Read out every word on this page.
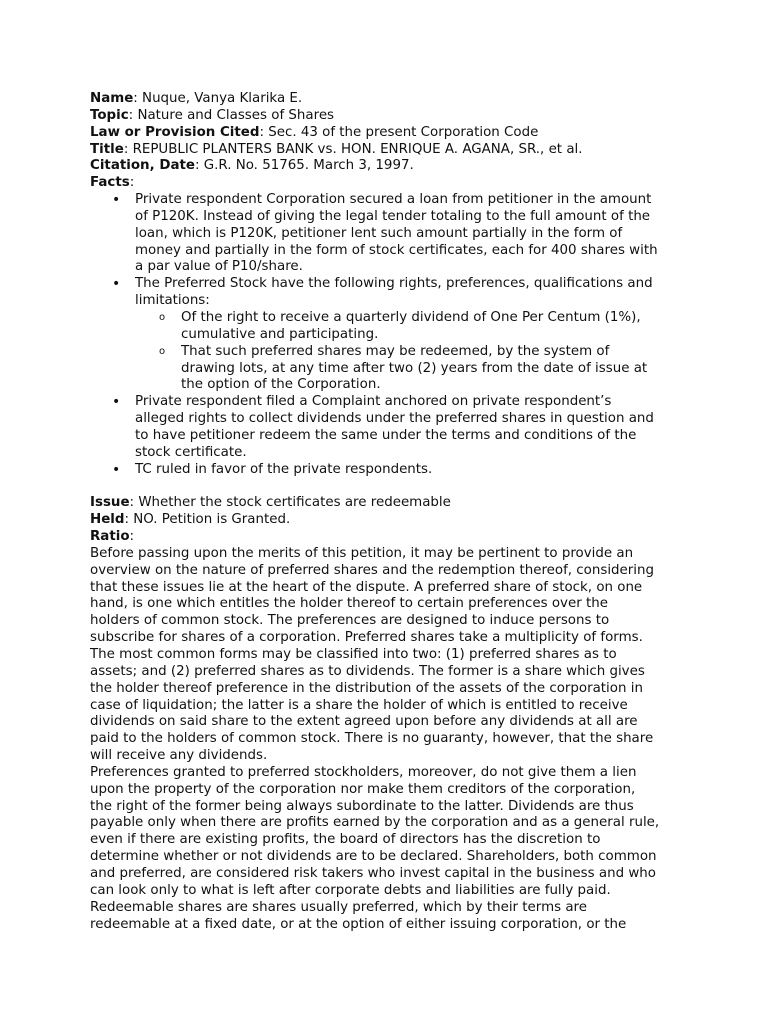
Name: Nuque, Vanya Klarika E.
Topic: Nature and Classes of Shares
Law or Provision Cited: Sec. 43 of the present Corporation Code
Title: REPUBLIC PLANTERS BANK vs. HON. ENRIQUE A. AGANA, SR., et al.
Citation, Date: G.R. No. 51765. March 3, 1997.
Facts:
• Private respondent Corporation secured a loan from petitioner in the amount
of P120K. Instead of giving the legal tender totaling to the full amount of the
loan, which is P120K, petitioner lent such amount partially in the form of
money and partially in the form of stock certificates, each for 400 shares with
a par value of P10/share.
• The Preferred Stock have the following rights, preferences, qualifications and
limitations:
o Of the right to receive a quarterly dividend of One Per Centum (1%),
cumulative and participating.
o That such preferred shares may be redeemed, by the system of
drawing lots, at any time after two (2) years from the date of issue at
the option of the Corporation.
• Private respondent filed a Complaint anchored on private respondent’s
alleged rights to collect dividends under the preferred shares in question and
to have petitioner redeem the same under the terms and conditions of the
stock certificate.
• TC ruled in favor of the private respondents.
Issue: Whether the stock certificates are redeemable
Held: NO. Petition is Granted.
Ratio:
Before passing upon the merits of this petition, it may be pertinent to provide an
overview on the nature of preferred shares and the redemption thereof, considering
that these issues lie at the heart of the dispute. A preferred share of stock, on one
hand, is one which entitles the holder thereof to certain preferences over the
holders of common stock. The preferences are designed to induce persons to
subscribe for shares of a corporation. Preferred shares take a multiplicity of forms.
The most common forms may be classified into two: (1) preferred shares as to
assets; and (2) preferred shares as to dividends. The former is a share which gives
the holder thereof preference in the distribution of the assets of the corporation in
case of liquidation; the latter is a share the holder of which is entitled to receive
dividends on said share to the extent agreed upon before any dividends at all are
paid to the holders of common stock. There is no guaranty, however, that the share
will receive any dividends.
Preferences granted to preferred stockholders, moreover, do not give them a lien
upon the property of the corporation nor make them creditors of the corporation,
the right of the former being always subordinate to the latter. Dividends are thus
payable only when there are profits earned by the corporation and as a general rule,
even if there are existing profits, the board of directors has the discretion to
determine whether or not dividends are to be declared. Shareholders, both common
and preferred, are considered risk takers who invest capital in the business and who
can look only to what is left after corporate debts and liabilities are fully paid.
Redeemable shares are shares usually preferred, which by their terms are
redeemable at a fixed date, or at the option of either issuing corporation, or the
